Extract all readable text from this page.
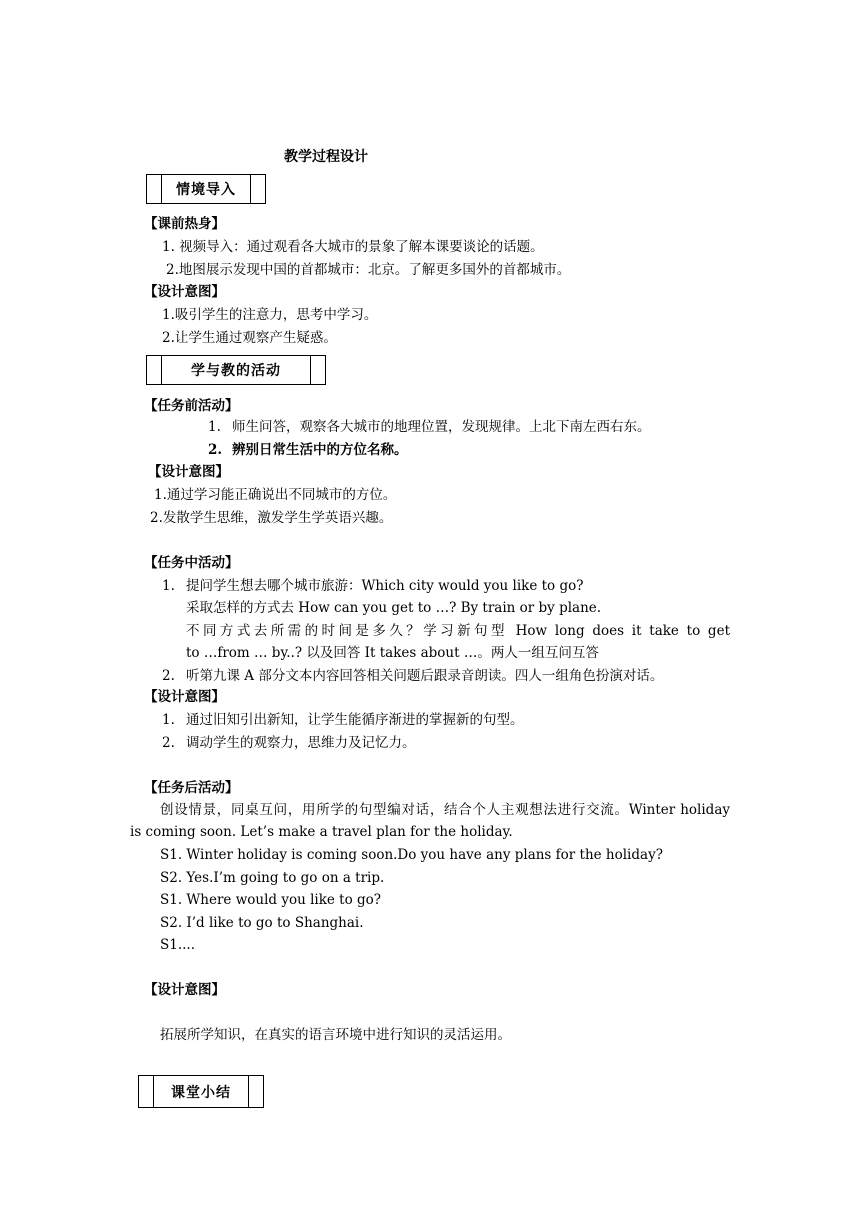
教学过程设计
情境导入
【课前热身】
1. 视频导入：通过观看各大城市的景象了解本课要谈论的话题。
2.地图展示发现中国的首都城市：北京。了解更多国外的首都城市。
【设计意图】
1.吸引学生的注意力，思考中学习。
2.让学生通过观察产生疑惑。
学与教的活动
【任务前活动】
1. 师生问答，观察各大城市的地理位置，发现规律。上北下南左西右东。
2. 辨别日常生活中的方位名称。
【设计意图】
1.通过学习能正确说出不同城市的方位。
2.发散学生思维，激发学生学英语兴趣。
【任务中活动】
1. 提问学生想去哪个城市旅游：Which city would you like to go?
采取怎样的方式去 How can you get to …? By train or by plane.
不同方式去所需的时间是多久？学习新句型 How long does it take to get
to …from … by..? 以及回答 It takes about …。两人一组互问互答
2. 听第九课 A 部分文本内容回答相关问题后跟录音朗读。四人一组角色扮演对话。
【设计意图】
1. 通过旧知引出新知，让学生能循序渐进的掌握新的句型。
2. 调动学生的观察力，思维力及记忆力。
【任务后活动】
创设情景，同桌互问，用所学的句型编对话，结合个人主观想法进行交流。Winter holiday
is coming soon. Let’s make a travel plan for the holiday.
S1. Winter holiday is coming soon.Do you have any plans for the holiday?
S2. Yes.I’m going to go on a trip.
S1. Where would you like to go?
S2. I’d like to go to Shanghai.
S1....
【设计意图】
拓展所学知识，在真实的语言环境中进行知识的灵活运用。
课堂小结
